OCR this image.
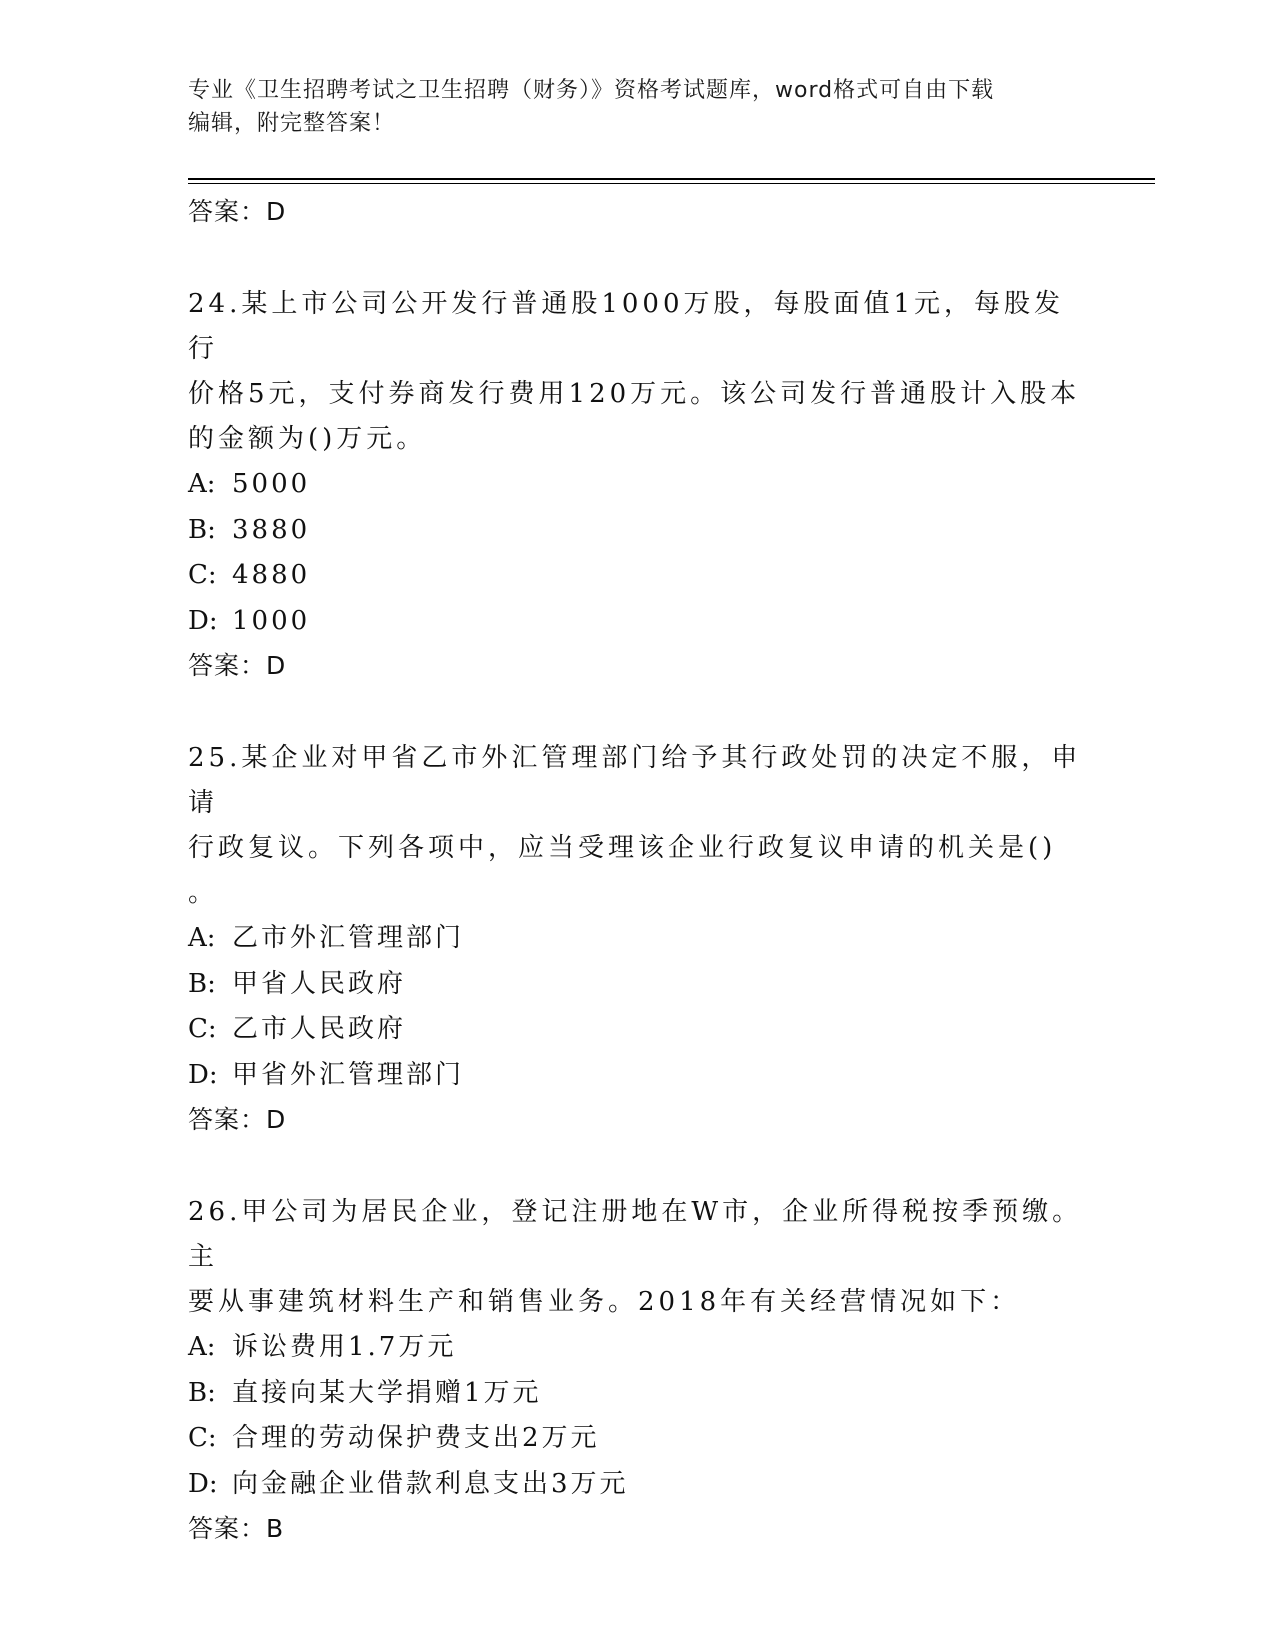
专业《卫生招聘考试之卫生招聘（财务）》资格考试题库，word格式可自由下载
编辑，附完整答案！

答案：D

24.某上市公司公开发行普通股1000万股，每股面值1元，每股发行

价格5元，支付券商发行费用120万元。该公司发行普通股计入股本

的金额为()万元。

A: 5000

B: 3880

C: 4880

D: 1000

答案：D

25.某企业对甲省乙市外汇管理部门给予其行政处罚的决定不服，申请

行政复议。下列各项中，应当受理该企业行政复议申请的机关是()

。

A: 乙市外汇管理部门

B: 甲省人民政府

C: 乙市人民政府

D: 甲省外汇管理部门

答案：D

26.甲公司为居民企业，登记注册地在W市，企业所得税按季预缴。主

要从事建筑材料生产和销售业务。2018年有关经营情况如下：

A: 诉讼费用1.7万元

B: 直接向某大学捐赠1万元

C: 合理的劳动保护费支出2万元

D: 向金融企业借款利息支出3万元

答案：B
